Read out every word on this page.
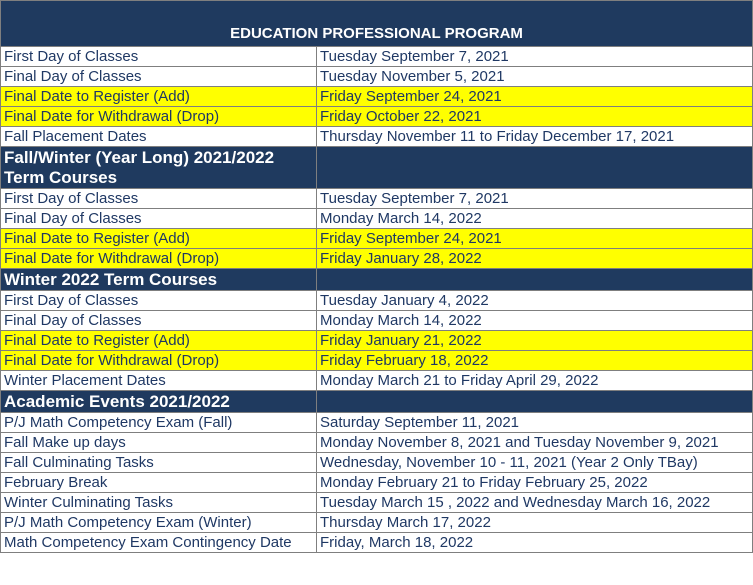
EDUCATION PROFESSIONAL PROGRAM	
First Day of Classes	Tuesday September 7, 2021
Final Day of Classes	Tuesday November 5, 2021
Final Date to Register (Add)	Friday September 24, 2021
Final Date for Withdrawal (Drop)	Friday October 22, 2021
Fall Placement Dates	Thursday November 11 to Friday December 17, 2021
Fall/Winter (Year Long) 2021/2022 Term Courses	
First Day of Classes	Tuesday September 7, 2021
Final Day of Classes	Monday March 14, 2022
Final Date to Register (Add)	Friday September 24, 2021
Final Date for Withdrawal (Drop)	Friday January 28, 2022
Winter 2022 Term Courses	
First Day of Classes	Tuesday January 4, 2022
Final Day of Classes	Monday March 14, 2022
Final Date to Register (Add)	Friday January 21, 2022
Final Date for Withdrawal (Drop)	Friday February 18, 2022
Winter Placement Dates	Monday March 21 to Friday April 29, 2022
Academic Events 2021/2022	
P/J Math Competency Exam (Fall)	Saturday September 11, 2021
Fall Make up days	Monday November 8, 2021 and Tuesday November 9, 2021
Fall Culminating Tasks	Wednesday, November 10 - 11, 2021 (Year 2 Only TBay)
February Break	Monday February 21 to Friday February 25, 2022
Winter Culminating Tasks	Tuesday March 15 , 2022 and Wednesday March 16, 2022
P/J Math Competency Exam (Winter)	Thursday March 17, 2022
Math Competency Exam Contingency Date	Friday, March 18, 2022
